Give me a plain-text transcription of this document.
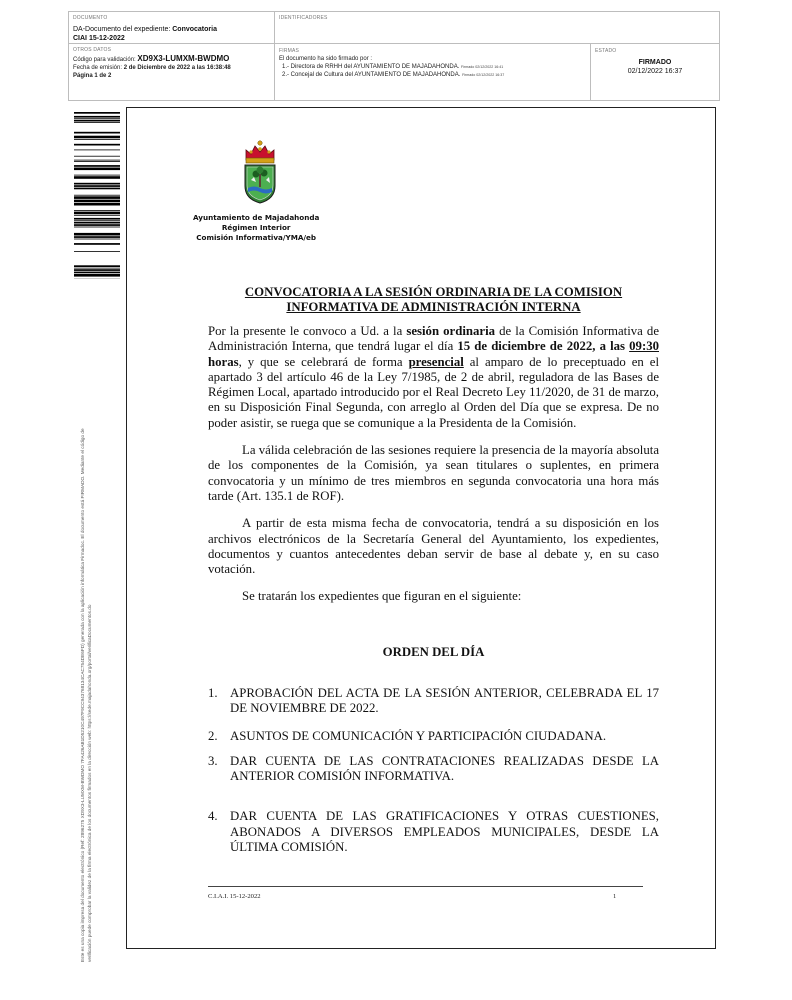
DOCUMENTO
DA-Documento del expediente: Convocatoria
CIAI 15-12-2022
IDENTIFICADORES
OTROS DATOS
Código para validación: XD9X3-LUMXM-BWDMO
Fecha de emisión: 2 de Diciembre de 2022 a las 16:38:48
Página 1 de 2
FIRMAS
El documento ha sido firmado por :
1.- Directora de RRHH del AYUNTAMIENTO DE MAJADAHONDA. Firmado 02/12/2022 16:41
2.- Concejal de Cultura del AYUNTAMIENTO DE MAJADAHONDA. Firmado 02/12/2022 16:37
ESTADO
FIRMADO
02/12/2022 16:37
Este es una copia impresa del documento electrónico (Ref: 2896275 XD9X3-LUMXM-BWDMO 7FA426AB1D5210C497F9CC943768134CAC754DE6FD) generada con la aplicación informática Firmadoc. El documento está FIRMADO. Mediante el código de verificación puede comprobar la validez de la firma electrónica de los documentos firmados en la dirección web: https://sede.majadahonda.org/portal/verificaDocumentos.do
Ayuntamiento de Majadahonda
Régimen Interior
Comisión Informativa/YMA/eb
CONVOCATORIA A LA SESIÓN ORDINARIA DE LA COMISION
INFORMATIVA DE ADMINISTRACIÓN INTERNA

Por la presente le convoco a Ud. a la sesión ordinaria de la Comisión Informativa de Administración Interna, que tendrá lugar el día 15 de diciembre de 2022, a las 09:30 horas, y que se celebrará de forma presencial al amparo de lo preceptuado en el apartado 3 del artículo 46 de la Ley 7/1985, de 2 de abril, reguladora de las Bases de Régimen Local, apartado introducido por el Real Decreto Ley 11/2020, de 31 de marzo, en su Disposición Final Segunda, con arreglo al Orden del Día que se expresa. De no poder asistir, se ruega que se comunique a la Presidenta de la Comisión.

La válida celebración de las sesiones requiere la presencia de la mayoría absoluta de los componentes de la Comisión, ya sean titulares o suplentes, en primera convocatoria y un mínimo de tres miembros en segunda convocatoria una hora más tarde (Art. 135.1 de ROF).

A partir de esta misma fecha de convocatoria, tendrá a su disposición en los archivos electrónicos de la Secretaría General del Ayuntamiento, los expedientes, documentos y cuantos antecedentes deban servir de base al debate y, en su caso votación.

Se tratarán los expedientes que figuran en el siguiente:

ORDEN DEL DÍA
1. APROBACIÓN DEL ACTA DE LA SESIÓN ANTERIOR, CELEBRADA EL 17 DE NOVIEMBRE DE 2022.
2. ASUNTOS DE COMUNICACIÓN Y PARTICIPACIÓN CIUDADANA.
3. DAR CUENTA DE LAS CONTRATACIONES REALIZADAS DESDE LA ANTERIOR COMISIÓN INFORMATIVA.
4. DAR CUENTA DE LAS GRATIFICACIONES Y OTRAS CUESTIONES, ABONADOS A DIVERSOS EMPLEADOS MUNICIPALES, DESDE LA ÚLTIMA COMISIÓN.
C.I.A.I. 15-12-2022	1
